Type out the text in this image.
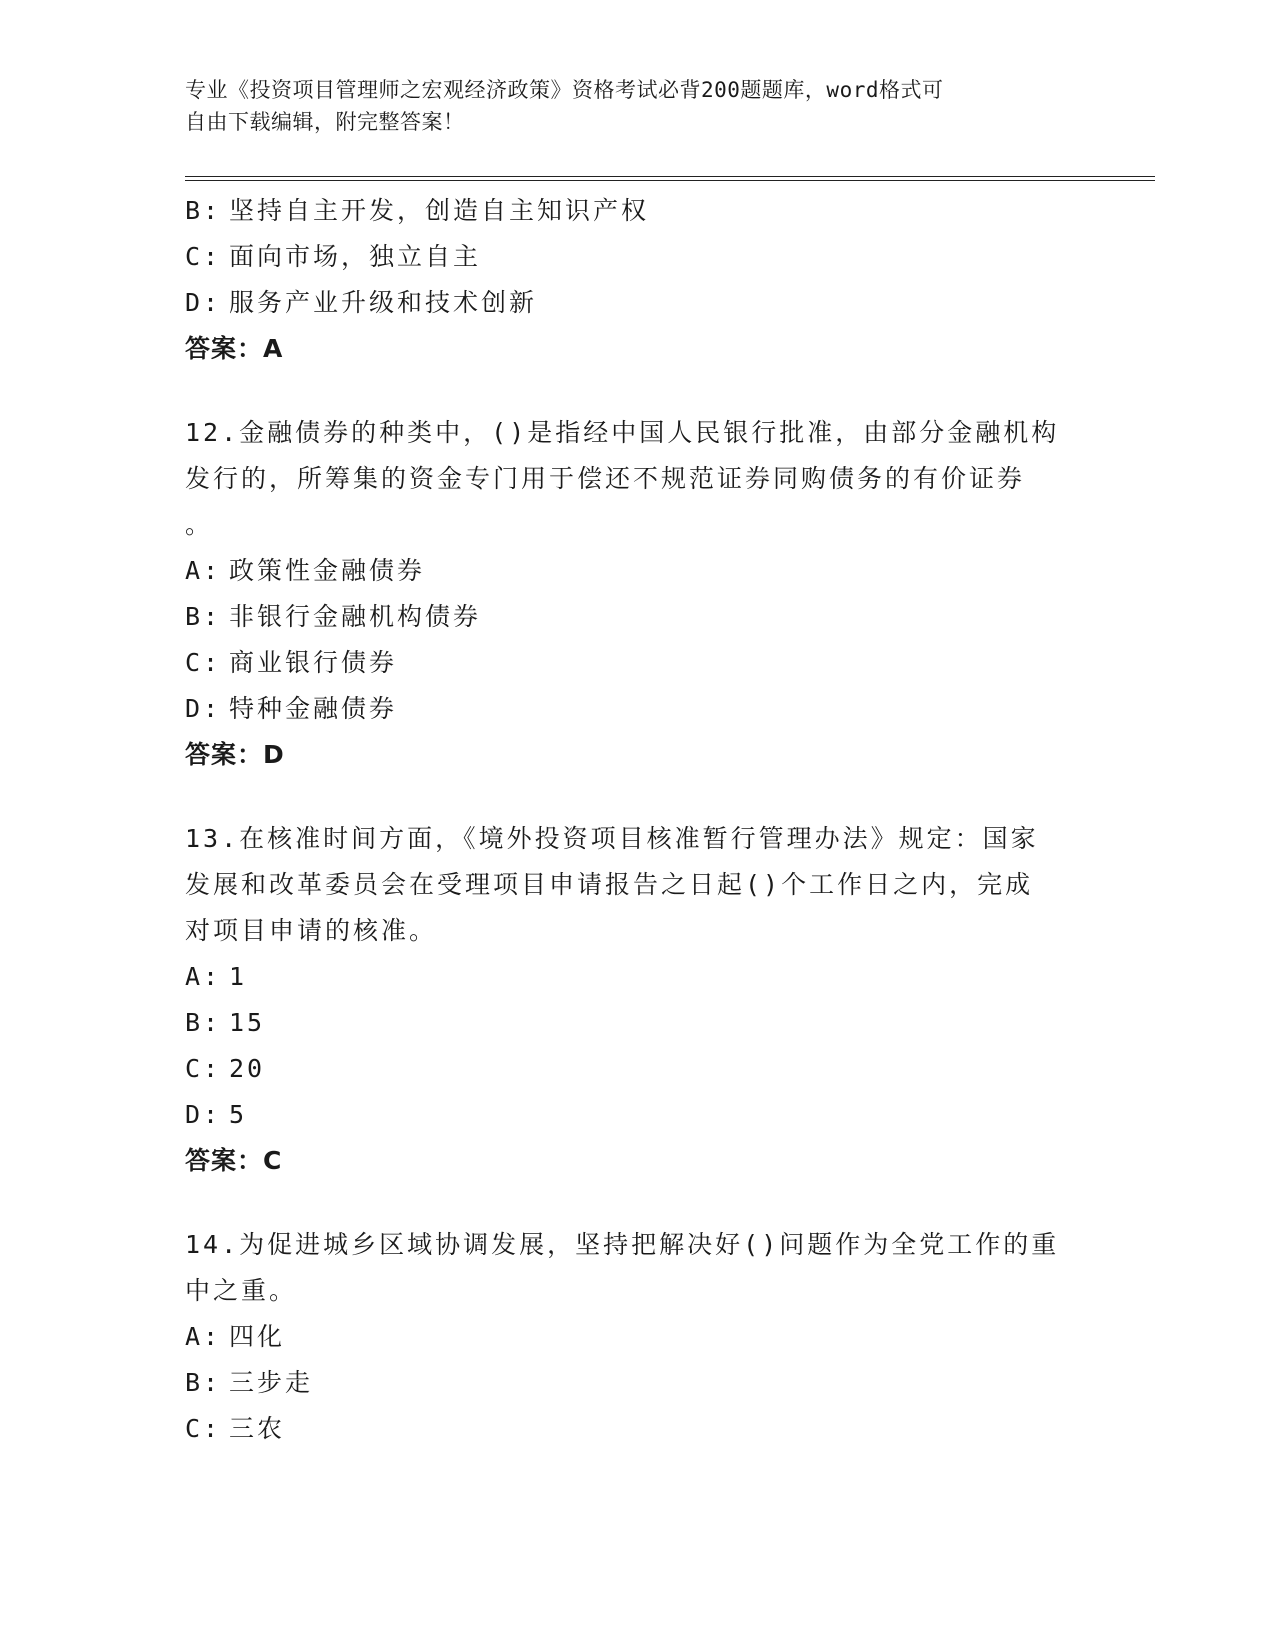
专业《投资项目管理师之宏观经济政策》资格考试必背200题题库，word格式可
自由下载编辑，附完整答案！
B: 坚持自主开发，创造自主知识产权
C: 面向市场，独立自主
D: 服务产业升级和技术创新
答案：A
12.金融债券的种类中，()是指经中国人民银行批准，由部分金融机构
发行的，所筹集的资金专门用于偿还不规范证券同购债务的有价证券
。
A: 政策性金融债券
B: 非银行金融机构债券
C: 商业银行债券
D: 特种金融债券
答案：D
13.在核准时间方面，《境外投资项目核准暂行管理办法》规定：国家
发展和改革委员会在受理项目申请报告之日起()个工作日之内，完成
对项目申请的核准。
A: 1
B: 15
C: 20
D: 5
答案：C
14.为促进城乡区域协调发展，坚持把解决好()问题作为全党工作的重
中之重。
A: 四化
B: 三步走
C: 三农
